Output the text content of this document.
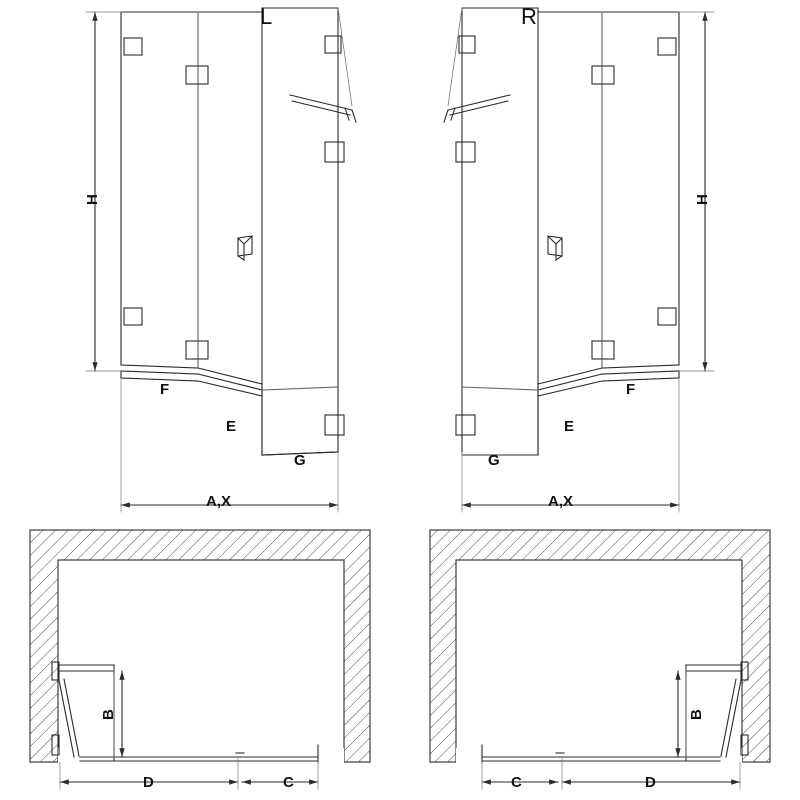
L	R
H	H
F
E
G	G
E
F
A,X	A,X
B	B
D	C	C	D
